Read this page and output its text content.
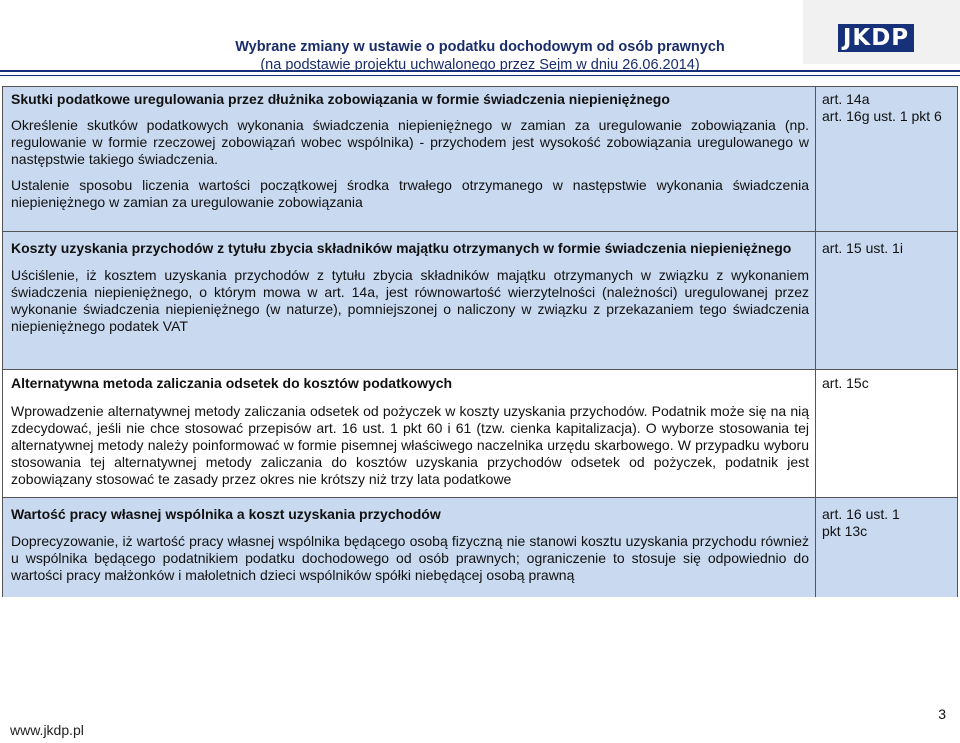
JKDP
Wybrane zmiany w ustawie o podatku dochodowym od osób prawnych
(na podstawie projektu uchwalonego przez Sejm w dniu 26.06.2014)
Skutki podatkowe uregulowania przez dłużnika zobowiązania w formie świadczenia niepieniężnego
Określenie skutków podatkowych wykonania świadczenia niepieniężnego w zamian za uregulowanie zobowiązania (np. regulowanie w formie rzeczowej zobowiązań wobec wspólnika) - przychodem jest wysokość zobowiązania uregulowanego w następstwie takiego świadczenia.
Ustalenie sposobu liczenia wartości początkowej środka trwałego otrzymanego w następstwie wykonania świadczenia niepieniężnego w zamian za uregulowanie zobowiązania
art. 14a
art. 16g ust. 1 pkt 6
Koszty uzyskania przychodów z tytułu zbycia składników majątku otrzymanych w formie świadczenia niepieniężnego
Uściślenie, iż kosztem uzyskania przychodów z tytułu zbycia składników majątku otrzymanych w związku z wykonaniem świadczenia niepieniężnego, o którym mowa w art. 14a, jest równowartość wierzytelności (należności) uregulowanej przez wykonanie świadczenia niepieniężnego (w naturze), pomniejszonej o naliczony w związku z przekazaniem tego świadczenia niepieniężnego podatek VAT
art. 15 ust. 1i
Alternatywna metoda zaliczania odsetek do kosztów podatkowych
Wprowadzenie alternatywnej metody zaliczania odsetek od pożyczek w koszty uzyskania przychodów. Podatnik może się na nią zdecydować, jeśli nie chce stosować przepisów art. 16 ust. 1 pkt 60 i 61 (tzw. cienka kapitalizacja). O wyborze stosowania tej alternatywnej metody należy poinformować w formie pisemnej właściwego naczelnika urzędu skarbowego. W przypadku wyboru stosowania tej alternatywnej metody zaliczania do kosztów uzyskania przychodów odsetek od pożyczek, podatnik jest zobowiązany stosować te zasady przez okres nie krótszy niż trzy lata podatkowe
art. 15c
Wartość pracy własnej wspólnika a koszt uzyskania przychodów
Doprecyzowanie, iż wartość pracy własnej wspólnika będącego osobą fizyczną nie stanowi kosztu uzyskania przychodu również u wspólnika będącego podatnikiem podatku dochodowego od osób prawnych; ograniczenie to stosuje się odpowiednio do wartości pracy małżonków i małoletnich dzieci wspólników spółki niebędącej osobą prawną
art. 16 ust. 1 pkt 13c
3
www.jkdp.pl
